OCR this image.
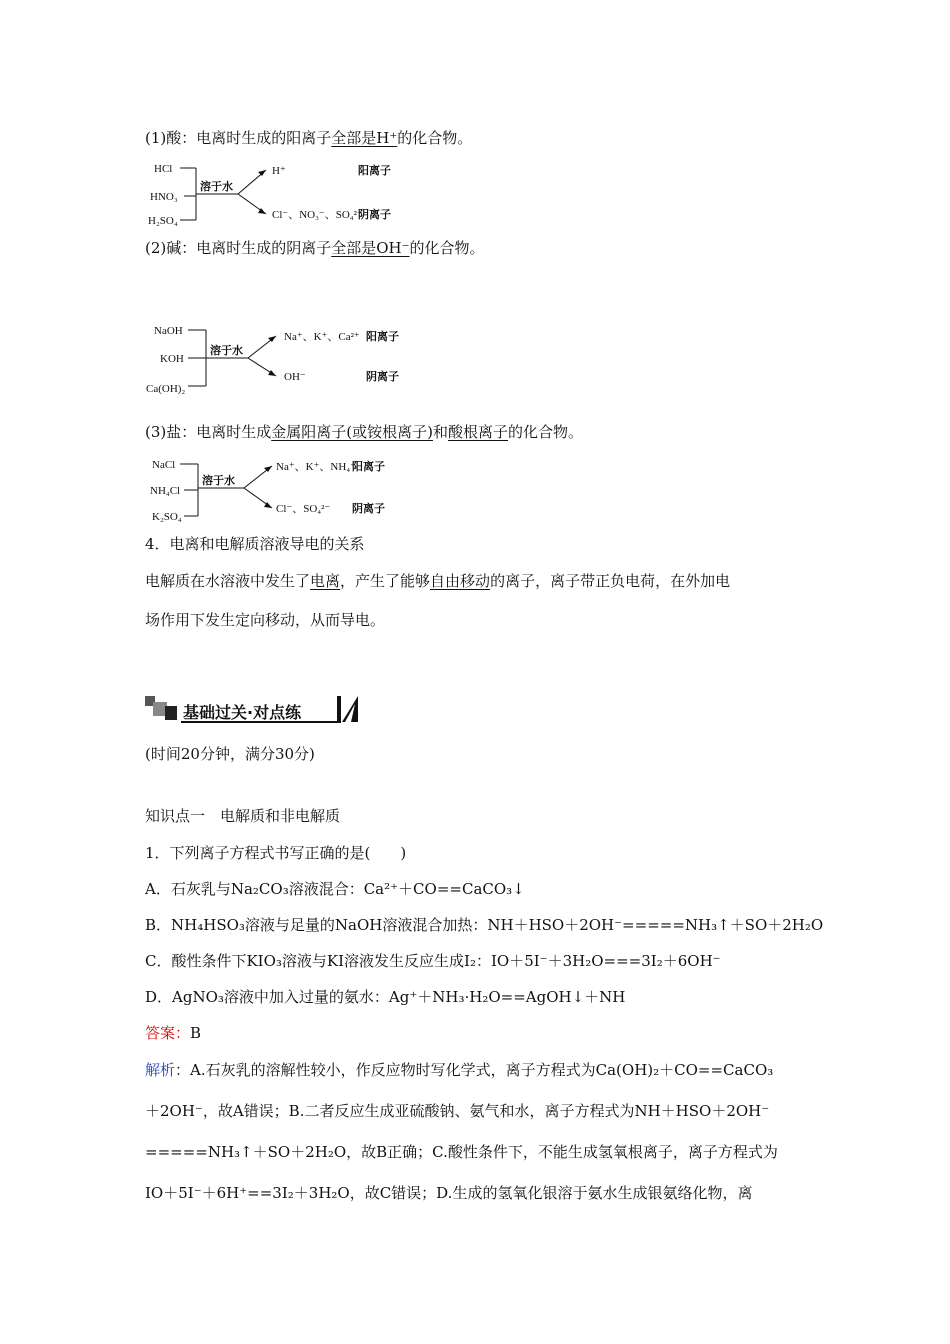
(1)酸：电离时生成的阳离子全部是H⁺的化合物。
HCl
HNO₃
H₂SO₄
溶于水
H⁺
Cl⁻、NO₃⁻、SO₄²⁻
阳离子
阴离子
(2)碱：电离时生成的阴离子全部是OH⁻的化合物。
NaOH
KOH
Ca(OH)₂
溶于水
Na⁺、K⁺、Ca²⁺
OH⁻
阳离子
阴离子
(3)盐：电离时生成金属阳离子(或铵根离子)和酸根离子的化合物。
NaCl
NH₄Cl
K₂SO₄
溶于水
Na⁺、K⁺、NH₄⁺
Cl⁻、SO₄²⁻
阳离子
阴离子
4．电离和电解质溶液导电的关系
电解质在水溶液中发生了电离，产生了能够自由移动的离子，离子带正负电荷，在外加电
场作用下发生定向移动，从而导电。
基础过关·对点练
(时间20分钟，满分30分)
知识点一　电解质和非电解质
1．下列离子方程式书写正确的是(　　)
A．石灰乳与Na₂CO₃溶液混合：Ca²⁺＋CO==CaCO₃↓
B．NH₄HSO₃溶液与足量的NaOH溶液混合加热：NH＋HSO＋2OH⁻=====NH₃↑＋SO＋2H₂O
C．酸性条件下KIO₃溶液与KI溶液发生反应生成I₂：IO＋5I⁻＋3H₂O===3I₂＋6OH⁻
D．AgNO₃溶液中加入过量的氨水：Ag⁺＋NH₃·H₂O==AgOH↓＋NH
答案：B
解析：A.石灰乳的溶解性较小，作反应物时写化学式，离子方程式为Ca(OH)₂＋CO==CaCO₃
＋2OH⁻，故A错误；B.二者反应生成亚硫酸钠、氨气和水，离子方程式为NH＋HSO＋2OH⁻
=====NH₃↑＋SO＋2H₂O，故B正确；C.酸性条件下，不能生成氢氧根离子，离子方程式为
IO＋5I⁻＋6H⁺==3I₂＋3H₂O，故C错误；D.生成的氢氧化银溶于氨水生成银氨络化物，离
